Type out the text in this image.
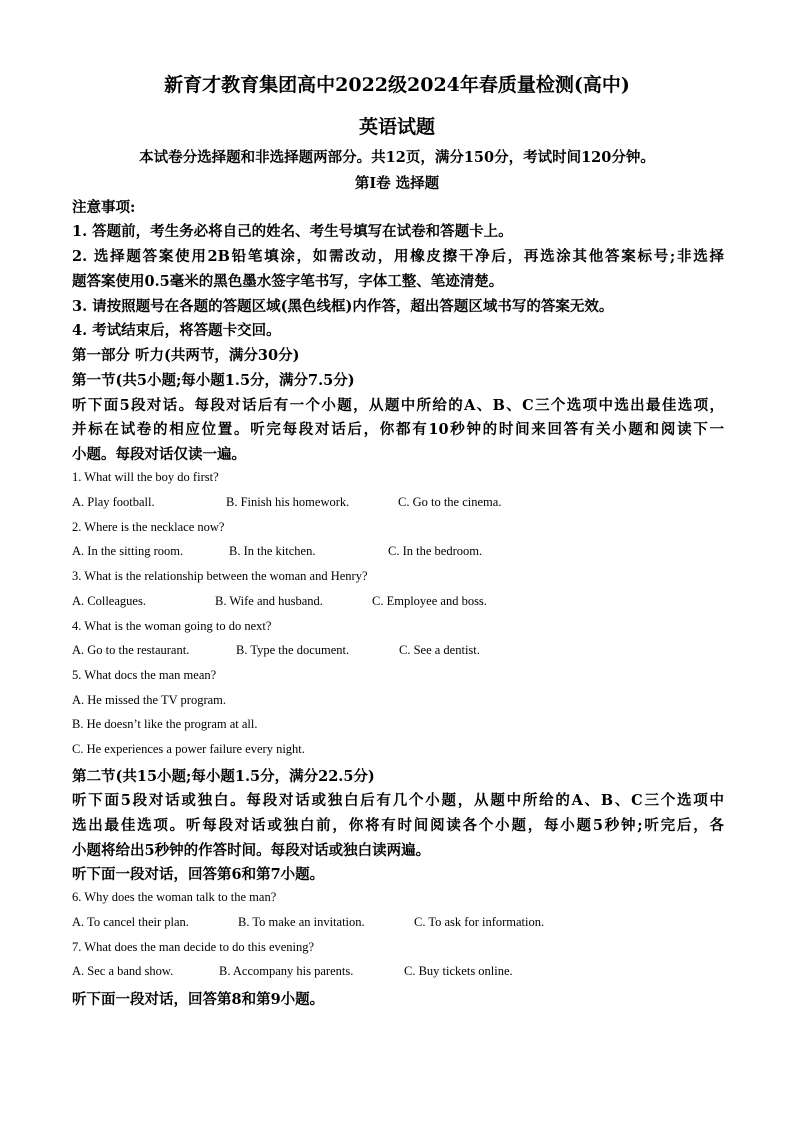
新育才教育集团高中2022级2024年春质量检测(高中)
英语试题
本试卷分选择题和非选择题两部分。共12页，满分150分，考试时间120分钟。
第Ⅰ卷 选择题
注意事项:
1. 答题前，考生务必将自己的姓名、考生号填写在试卷和答题卡上。
2. 选择题答案使用2B铅笔填涂，如需改动，用橡皮擦干净后，再选涂其他答案标号;非选择
题答案使用0.5毫米的黑色墨水签字笔书写，字体工整、笔迹清楚。
3. 请按照题号在各题的答题区域(黑色线框)内作答，超出答题区域书写的答案无效。
4. 考试结束后，将答题卡交回。
第一部分 听力(共两节，满分30分)
第一节(共5小题;每小题1.5分，满分7.5分)
听下面5段对话。每段对话后有一个小题，从题中所给的A、B、C三个选项中选出最佳选项，
并标在试卷的相应位置。听完每段对话后，你都有10秒钟的时间来回答有关小题和阅读下一
小题。每段对话仅读一遍。
1. What will the boy do first?
A. Play football.	B. Finish his homework.	C. Go to the cinema.
2. Where is the necklace now?
A. In the sitting room.	B. In the kitchen.	C. In the bedroom.
3. What is the relationship between the woman and Henry?
A. Colleagues.	B. Wife and husband.	C. Employee and boss.
4. What is the woman going to do next?
A. Go to the restaurant.	B. Type the document.	C. See a dentist.
5. What docs the man mean?
A. He missed the TV program.
B. He doesn’t like the program at all.
C. He experiences a power failure every night.
第二节(共15小题;每小题1.5分，满分22.5分)
听下面5段对话或独白。每段对话或独白后有几个小题，从题中所给的A、B、C三个选项中
选出最佳选项。听每段对话或独白前，你将有时间阅读各个小题，每小题5秒钟;听完后，各
小题将给出5秒钟的作答时间。每段对话或独白读两遍。
听下面一段对话，回答第6和第7小题。
6. Why does the woman talk to the man?
A. To cancel their plan.	B. To make an invitation.	C. To ask for information.
7. What does the man decide to do this evening?
A. Sec a band show.	B. Accompany his parents.	C. Buy tickets online.
听下面一段对话，回答第8和第9小题。
